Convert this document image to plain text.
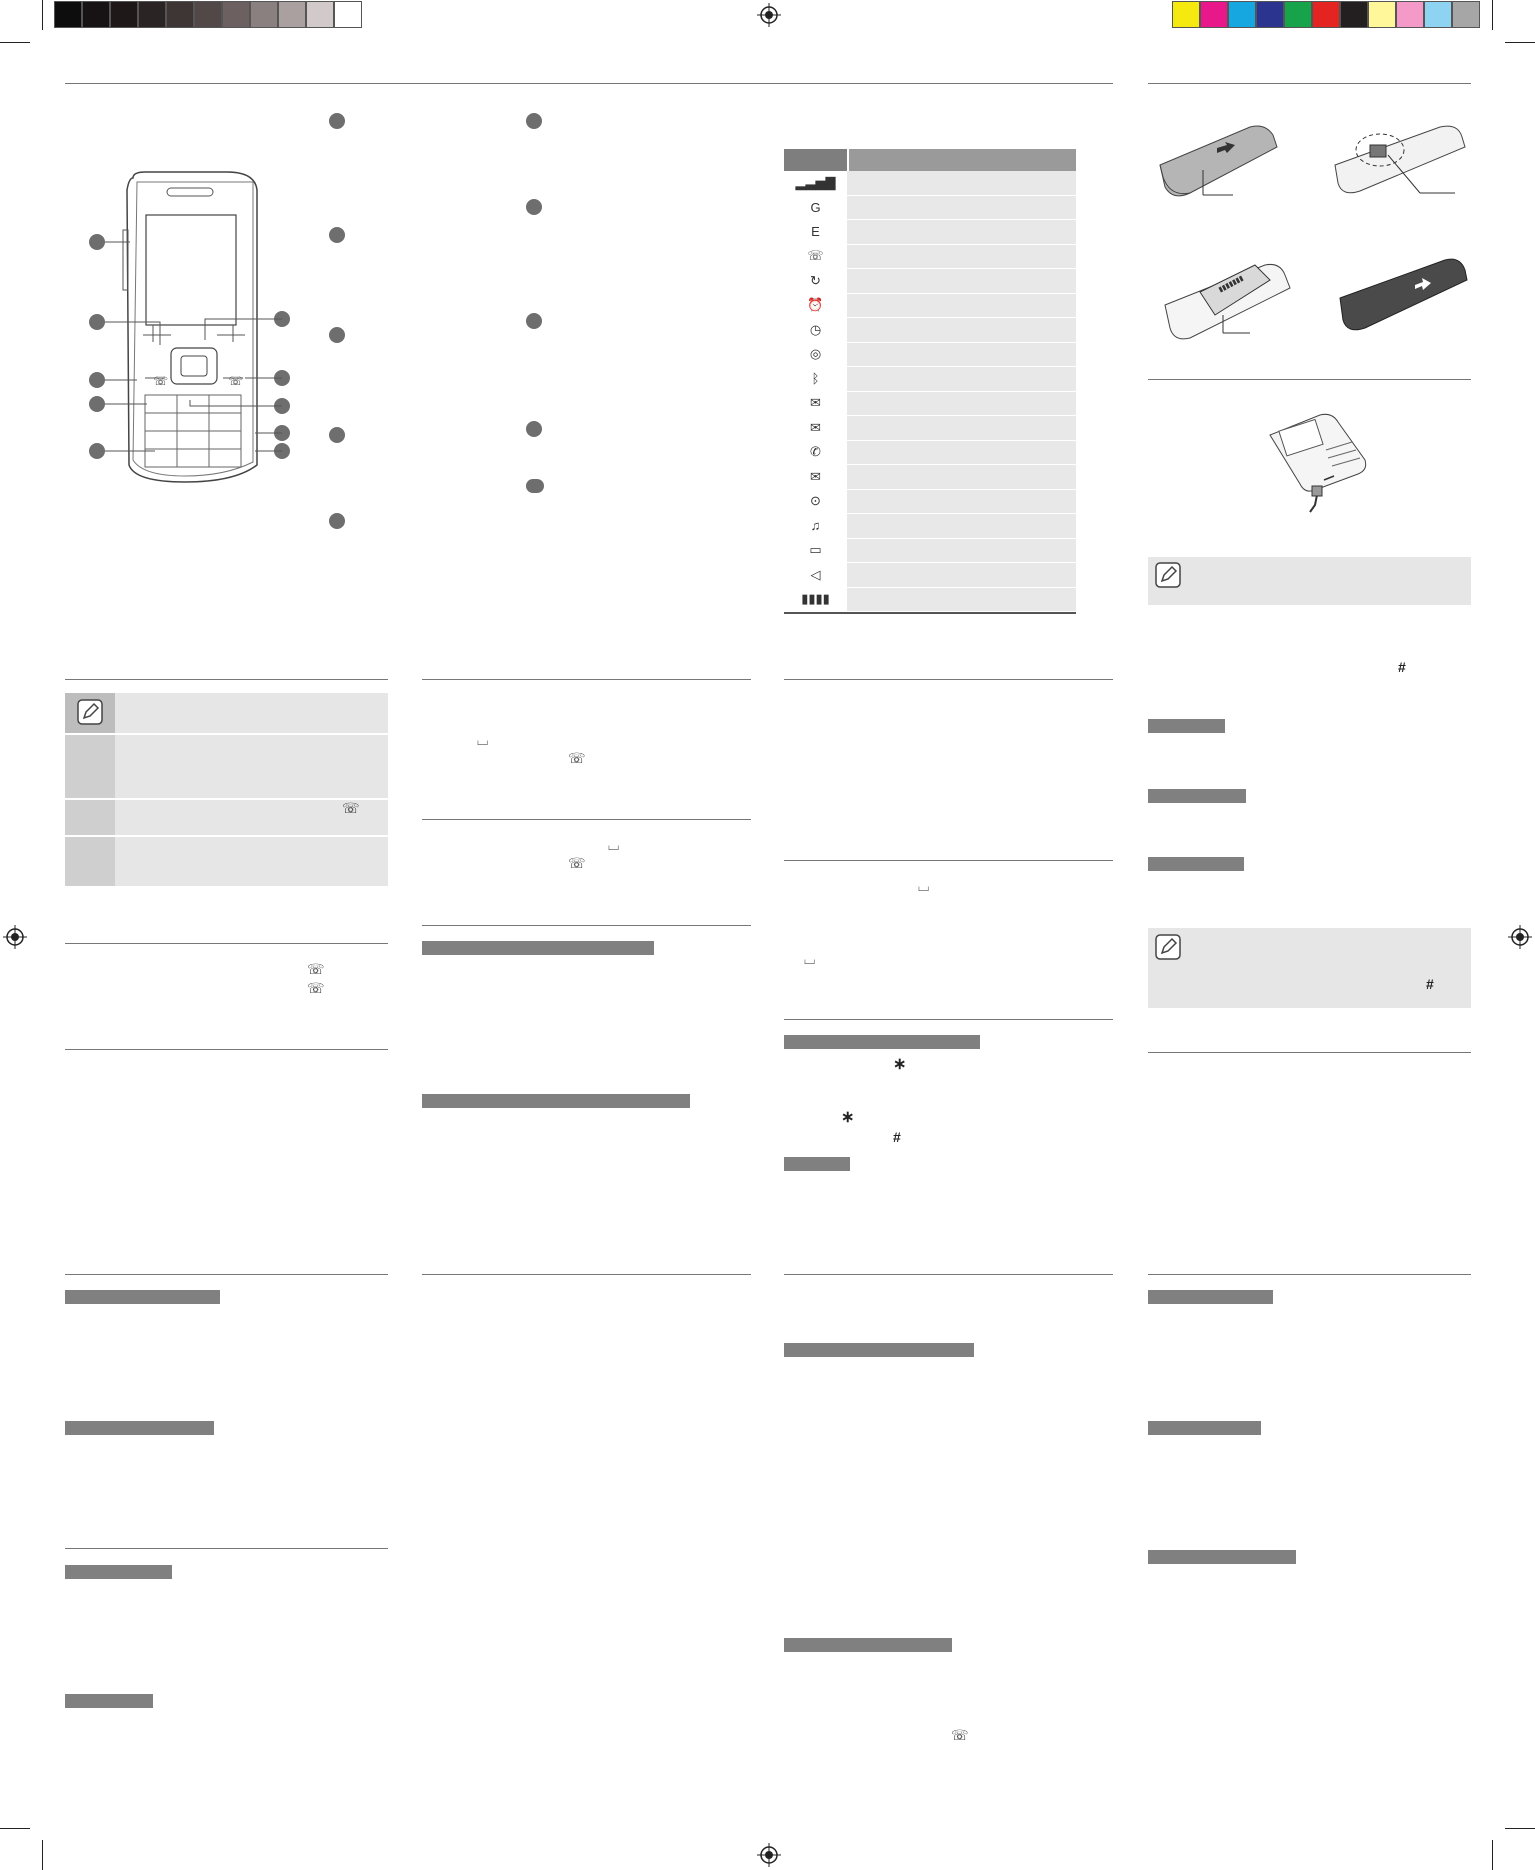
☏	☏
▂▃▅▇
G
E
☏
↻
⏰
◷
◎
ᛒ
✉
✉
✆
✉
⊙
♫
▭
◁
▮▮▮▮
▮▮▮▮▮▮▮
#
#
☏
☏
☏
⌴
☏
⌴
☏
⌴
⌴
∗
∗
#
☏
